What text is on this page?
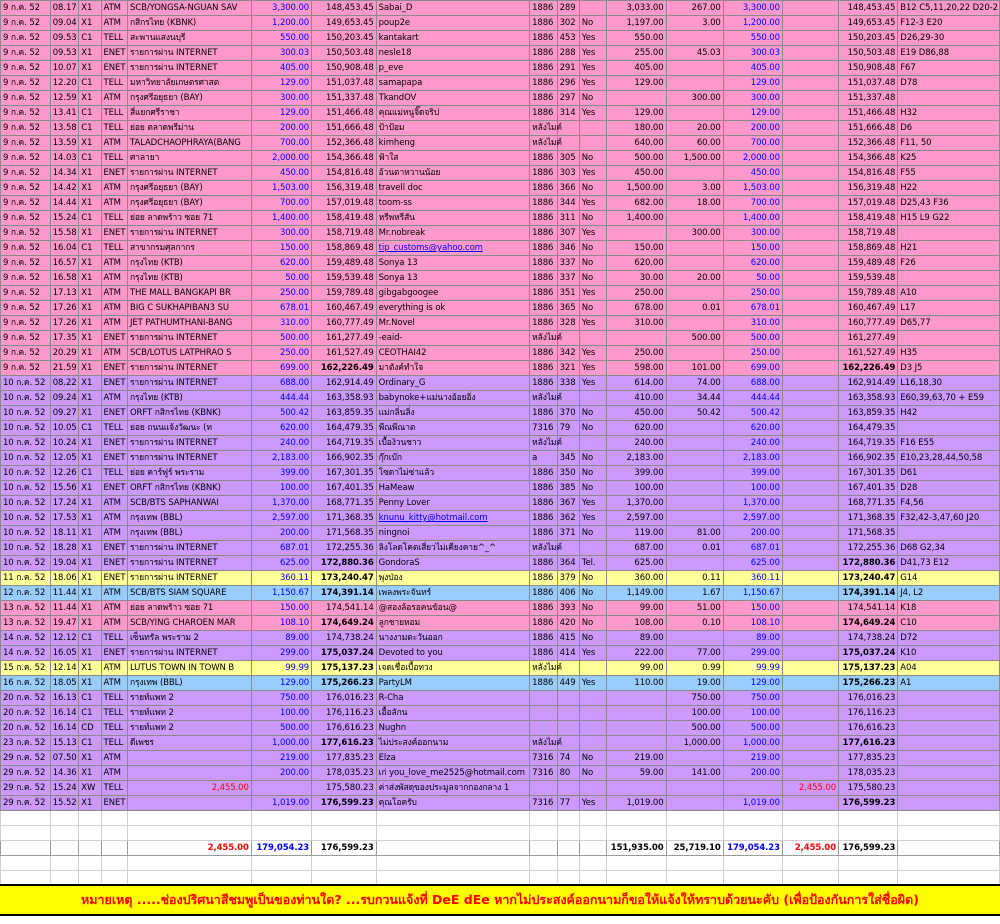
9 ก.ค. 52	08.17	X1	ATM	SCB/YONGSA-NGUAN SAV	3,300.00	148,453.45	Sabai_D	1886	289		3,033.00	267.00	3,300.00		148,453.45	B12 C5,11,20,22 D20-2
9 ก.ค. 52	09.04	X1	ATM	กสิกรไทย (KBNK)	1,200.00	149,653.45	poup2e	1886	302	No	1,197.00	3.00	1,200.00		149,653.45	F12-3 E20
9 ก.ค. 52	09.53	C1	TELL	สะพานแสงนบุรี	550.00	150,203.45	kantakart	1886	453	Yes	550.00		550.00		150,203.45	D26,29-30
9 ก.ค. 52	09.53	X1	ENET	รายการผ่าน INTERNET	300.03	150,503.48	nesle18	1886	288	Yes	255.00	45.03	300.03		150,503.48	E19 D86,88
9 ก.ค. 52	10.07	X1	ENET	รายการผ่าน INTERNET	405.00	150,908.48	p_eve	1886	291	Yes	405.00		405.00		150,908.48	F67
9 ก.ค. 52	12.20	C1	TELL	มหาวิทยาลัยเกษตรศาสต	129.00	151,037.48	samapapa	1886	296	Yes	129.00		129.00		151,037.48	D78
9 ก.ค. 52	12.59	X1	ATM	กรุงศรีอยุธยา (BAY)	300.00	151,337.48	TkandOV	1886	297	No		300.00	300.00		151,337.48	
9 ก.ค. 52	13.41	C1	TELL	สี่แยกศรีราชา	129.00	151,466.48	คุณแม่หนูจิ๊ดจริป	1886	314	Yes	129.00		129.00		151,466.48	H32
9 ก.ค. 52	13.58	C1	TELL	ย่อย ตลาดพรีม่าน	200.00	151,666.48	ป้าป้อม	หลังไมค์			180.00	20.00	200.00		151,666.48	D6
9 ก.ค. 52	13.59	X1	ATM	TALADCHAOPHRAYA(BANG	700.00	152,366.48	kimheng	หลังไมค์			640.00	60.00	700.00		152,366.48	F11, 50
9 ก.ค. 52	14.03	C1	TELL	ศาลายา	2,000.00	154,366.48	ฟ้าใส	1886	305	No	500.00	1,500.00	2,000.00		154,366.48	K25
9 ก.ค. 52	14.34	X1	ENET	รายการผ่าน INTERNET	450.00	154,816.48	อ้วนตาหวานน้อย	1886	303	Yes	450.00		450.00		154,816.48	F55
9 ก.ค. 52	14.42	X1	ATM	กรุงศรีอยุธยา (BAY)	1,503.00	156,319.48	travell doc	1886	366	No	1,500.00	3.00	1,503.00		156,319.48	H22
9 ก.ค. 52	14.44	X1	ATM	กรุงศรีอยุธยา (BAY)	700.00	157,019.48	toom-ss	1886	344	Yes	682.00	18.00	700.00		157,019.48	D25,43 F36
9 ก.ค. 52	15.24	C1	TELL	ย่อย ลาดพร้าว ซอย 71	1,400.00	158,419.48	หรีพหรีสัน	1886	311	No	1,400.00		1,400.00		158,419.48	H15 L9 G22
9 ก.ค. 52	15.58	X1	ENET	รายการผ่าน INTERNET	300.00	158,719.48	Mr.nobreak	1886	307	Yes		300.00	300.00		158,719.48	
9 ก.ค. 52	16.04	C1	TELL	สาขากรมศุลกากร	150.00	158,869.48	tip_customs@yahoo.com	1886	346	No	150.00		150.00		158,869.48	H21
9 ก.ค. 52	16.57	X1	ATM	กรุงไทย (KTB)	620.00	159,489.48	Sonya 13	1886	337	No	620.00		620.00		159,489.48	F26
9 ก.ค. 52	16.58	X1	ATM	กรุงไทย (KTB)	50.00	159,539.48	Sonya 13	1886	337	No	30.00	20.00	50.00		159,539.48	
9 ก.ค. 52	17.13	X1	ATM	THE MALL BANGKAPI BR	250.00	159,789.48	gibgabgoogee	1886	351	Yes	250.00		250.00		159,789.48	A10
9 ก.ค. 52	17.26	X1	ATM	BIG C SUKHAPIBAN3 SU	678.01	160,467.49	everything is ok	1886	365	No	678.00	0.01	678.01		160,467.49	L17
9 ก.ค. 52	17.26	X1	ATM	JET PATHUMTHANI-BANG	310.00	160,777.49	Mr.Novel	1886	328	Yes	310.00		310.00		160,777.49	D65,77
9 ก.ค. 52	17.35	X1	ENET	รายการผ่าน INTERNET	500.00	161,277.49	-eaid-	หลังไมค์				500.00	500.00		161,277.49	
9 ก.ค. 52	20.29	X1	ATM	SCB/LOTUS LATPHRAO S	250.00	161,527.49	CEOTHAI42	1886	342	Yes	250.00		250.00		161,527.49	H35
9 ก.ค. 52	21.59	X1	ENET	รายการผ่าน INTERNET	699.00	162,226.49	มาตังค์ทำใจ	1886	321	Yes	598.00	101.00	699.00		162,226.49	D3 J5
10 ก.ค. 52	08.22	X1	ENET	รายการผ่าน INTERNET	688.00	162,914.49	Ordinary_G	1886	338	Yes	614.00	74.00	688.00		162,914.49	L16,18,30
10 ก.ค. 52	09.24	X1	ATM	กรุงไทย (KTB)	444.44	163,358.93	babynoke+แม่นางอ้อยอิ่ง	หลังไมค์			410.00	34.44	444.44		163,358.93	E60,39,63,70 + E59
10 ก.ค. 52	09.27	X1	ENET	ORFT กสิกรไทย (KBNK)	500.42	163,859.35	แม่กลิ่นลิ่ง	1886	370	No	450.00	50.42	500.42		163,859.35	H42
10 ก.ค. 52	10.05	C1	TELL	ย่อย ถนนแจ้งวัฒนะ (ท	620.00	164,479.35	พีณพีณาต	7316	79	No	620.00		620.00		164,479.35	
10 ก.ค. 52	10.24	X1	ENET	รายการผ่าน INTERNET	240.00	164,719.35	เบื้อง้วนชาว	หลังไมค์			240.00		240.00		164,719.35	F16 E55
10 ก.ค. 52	12.05	X1	ENET	รายการผ่าน INTERNET	2,183.00	166,902.35	กุ๊กเบ๊ก	a	345	No	2,183.00		2,183.00		166,902.35	E10,23,28,44,50,58
10 ก.ค. 52	12.26	C1	TELL	ย่อย คาร์ฟูร์ พระราม	399.00	167,301.35	โซดาไม่ซ่าแล้ว	1886	350	No	399.00		399.00		167,301.35	D61
10 ก.ค. 52	15.56	X1	ENET	ORFT กสิกรไทย (KBNK)	100.00	167,401.35	HaMeaw	1886	385	No	100.00		100.00		167,401.35	D28
10 ก.ค. 52	17.24	X1	ATM	SCB/BTS SAPHANWAI	1,370.00	168,771.35	Penny Lover	1886	367	Yes	1,370.00		1,370.00		168,771.35	F4,56
10 ก.ค. 52	17.53	X1	ATM	กรุงเทพ (BBL)	2,597.00	171,368.35	knunu_kitty@hotmail.com	1886	362	Yes	2,597.00		2,597.00		171,368.35	F32,42-3,47,60 J20
10 ก.ค. 52	18.11	X1	ATM	กรุงเทพ (BBL)	200.00	171,568.35	ningnoi	1886	371	No	119.00	81.00	200.00		171,568.35	
10 ก.ค. 52	18.28	X1	ENET	รายการผ่าน INTERNET	687.01	172,255.36	ลิงโลดโคตเสี่ยวไม่เคียงคาย^_^	หลังไมค์			687.00	0.01	687.01		172,255.36	D68 G2,34
10 ก.ค. 52	19.04	X1	ENET	รายการผ่าน INTERNET	625.00	172,880.36	GondoraS	1886	364	Tel.	625.00		625.00		172,880.36	D41,73 E12
11 ก.ค. 52	18.06	X1	ENET	รายการผ่าน INTERNET	360.11	173,240.47	พุงป่อง	1886	379	No	360.00	0.11	360.11		173,240.47	G14
12 ก.ค. 52	11.44	X1	ATM	SCB/BTS SIAM SQUARE	1,150.67	174,391.14	เพลงพระจันทร์	1886	406	No	1,149.00	1.67	1,150.67		174,391.14	J4, L2
13 ก.ค. 52	11.44	X1	ATM	ย่อย ลาดพร้าว ซอย 71	150.00	174,541.14	@สองล้อรอคนข้อน@	1886	393	No	99.00	51.00	150.00		174,541.14	K18
13 ก.ค. 52	19.47	X1	ATM	SCB/YING CHAROEN MAR	108.10	174,649.24	ลูกชายหอม	1886	420	No	108.00	0.10	108.10		174,649.24	C10
14 ก.ค. 52	12.12	C1	TELL	เซ็นทรัล พระราม 2	89.00	174,738.24	นางงามตะวันออก	1886	415	No	89.00		89.00		174,738.24	D72
14 ก.ค. 52	16.05	X1	ENET	รายการผ่าน INTERNET	299.00	175,037.24	Devoted to you	1886	414	Yes	222.00	77.00	299.00		175,037.24	K10
15 ก.ค. 52	12.14	X1	ATM	LUTUS TOWN IN TOWN B	99.99	175,137.23	เจดเชื่อเบื้อทวง	หลังไมค์			99.00	0.99	99.99		175,137.23	A04
16 ก.ค. 52	18.05	X1	ATM	กรุงเทพ (BBL)	129.00	175,266.23	PartyLM	1886	449	Yes	110.00	19.00	129.00		175,266.23	A1
20 ก.ค. 52	16.13	C1	TELL	รายท์แพท 2	750.00	176,016.23	R-Cha					750.00	750.00		176,016.23	
20 ก.ค. 52	16.14	C1	TELL	รายท์แพท 2	100.00	176,116.23	เอื้อลักน					100.00	100.00		176,116.23	
20 ก.ค. 52	16.14	CD	TELL	รายท์แพท 2	500.00	176,616.23	Nughn					500.00	500.00		176,616.23	
23 ก.ค. 52	15.13	C1	TELL	ดีเพชร	1,000.00	177,616.23	ไม่ประสงค์ออกนาม	หลังไมค์				1,000.00	1,000.00		177,616.23	
29 ก.ค. 52	07.50	X1	ATM		219.00	177,835.23	Elza	7316	74	No	219.00		219.00		177,835.23	
29 ก.ค. 52	14.36	X1	ATM		200.00	178,035.23	เก่ you_love_me2525@hotmail.com	7316	80	No	59.00	141.00	200.00		178,035.23	
29 ก.ค. 52	15.24	XW	TELL	2,455.00		175,580.23	ค่าส่งพัสดุของประมูลจากกองกลาง 1							2,455.00	175,580.23	
29 ก.ค. 52	15.52	X1	ENET		1,019.00	176,599.23	คุณโอครับ	7316	77	Yes	1,019.00		1,019.00		176,599.23	

				2,455.00	179,054.23	176,599.23					151,935.00	25,719.10	179,054.23	2,455.00	176,599.23	

หมายเหตุ .....ช่องปริศนาสีชมพูเป็นของท่านใด? ...รบกวนแจ้งที่ DeE dEe หากไม่ประสงค์ออกนามก็ขอให้แจ้งให้ทราบด้วยนะคับ (เพื่อป้องกันการใส่ชื่อผิด)
